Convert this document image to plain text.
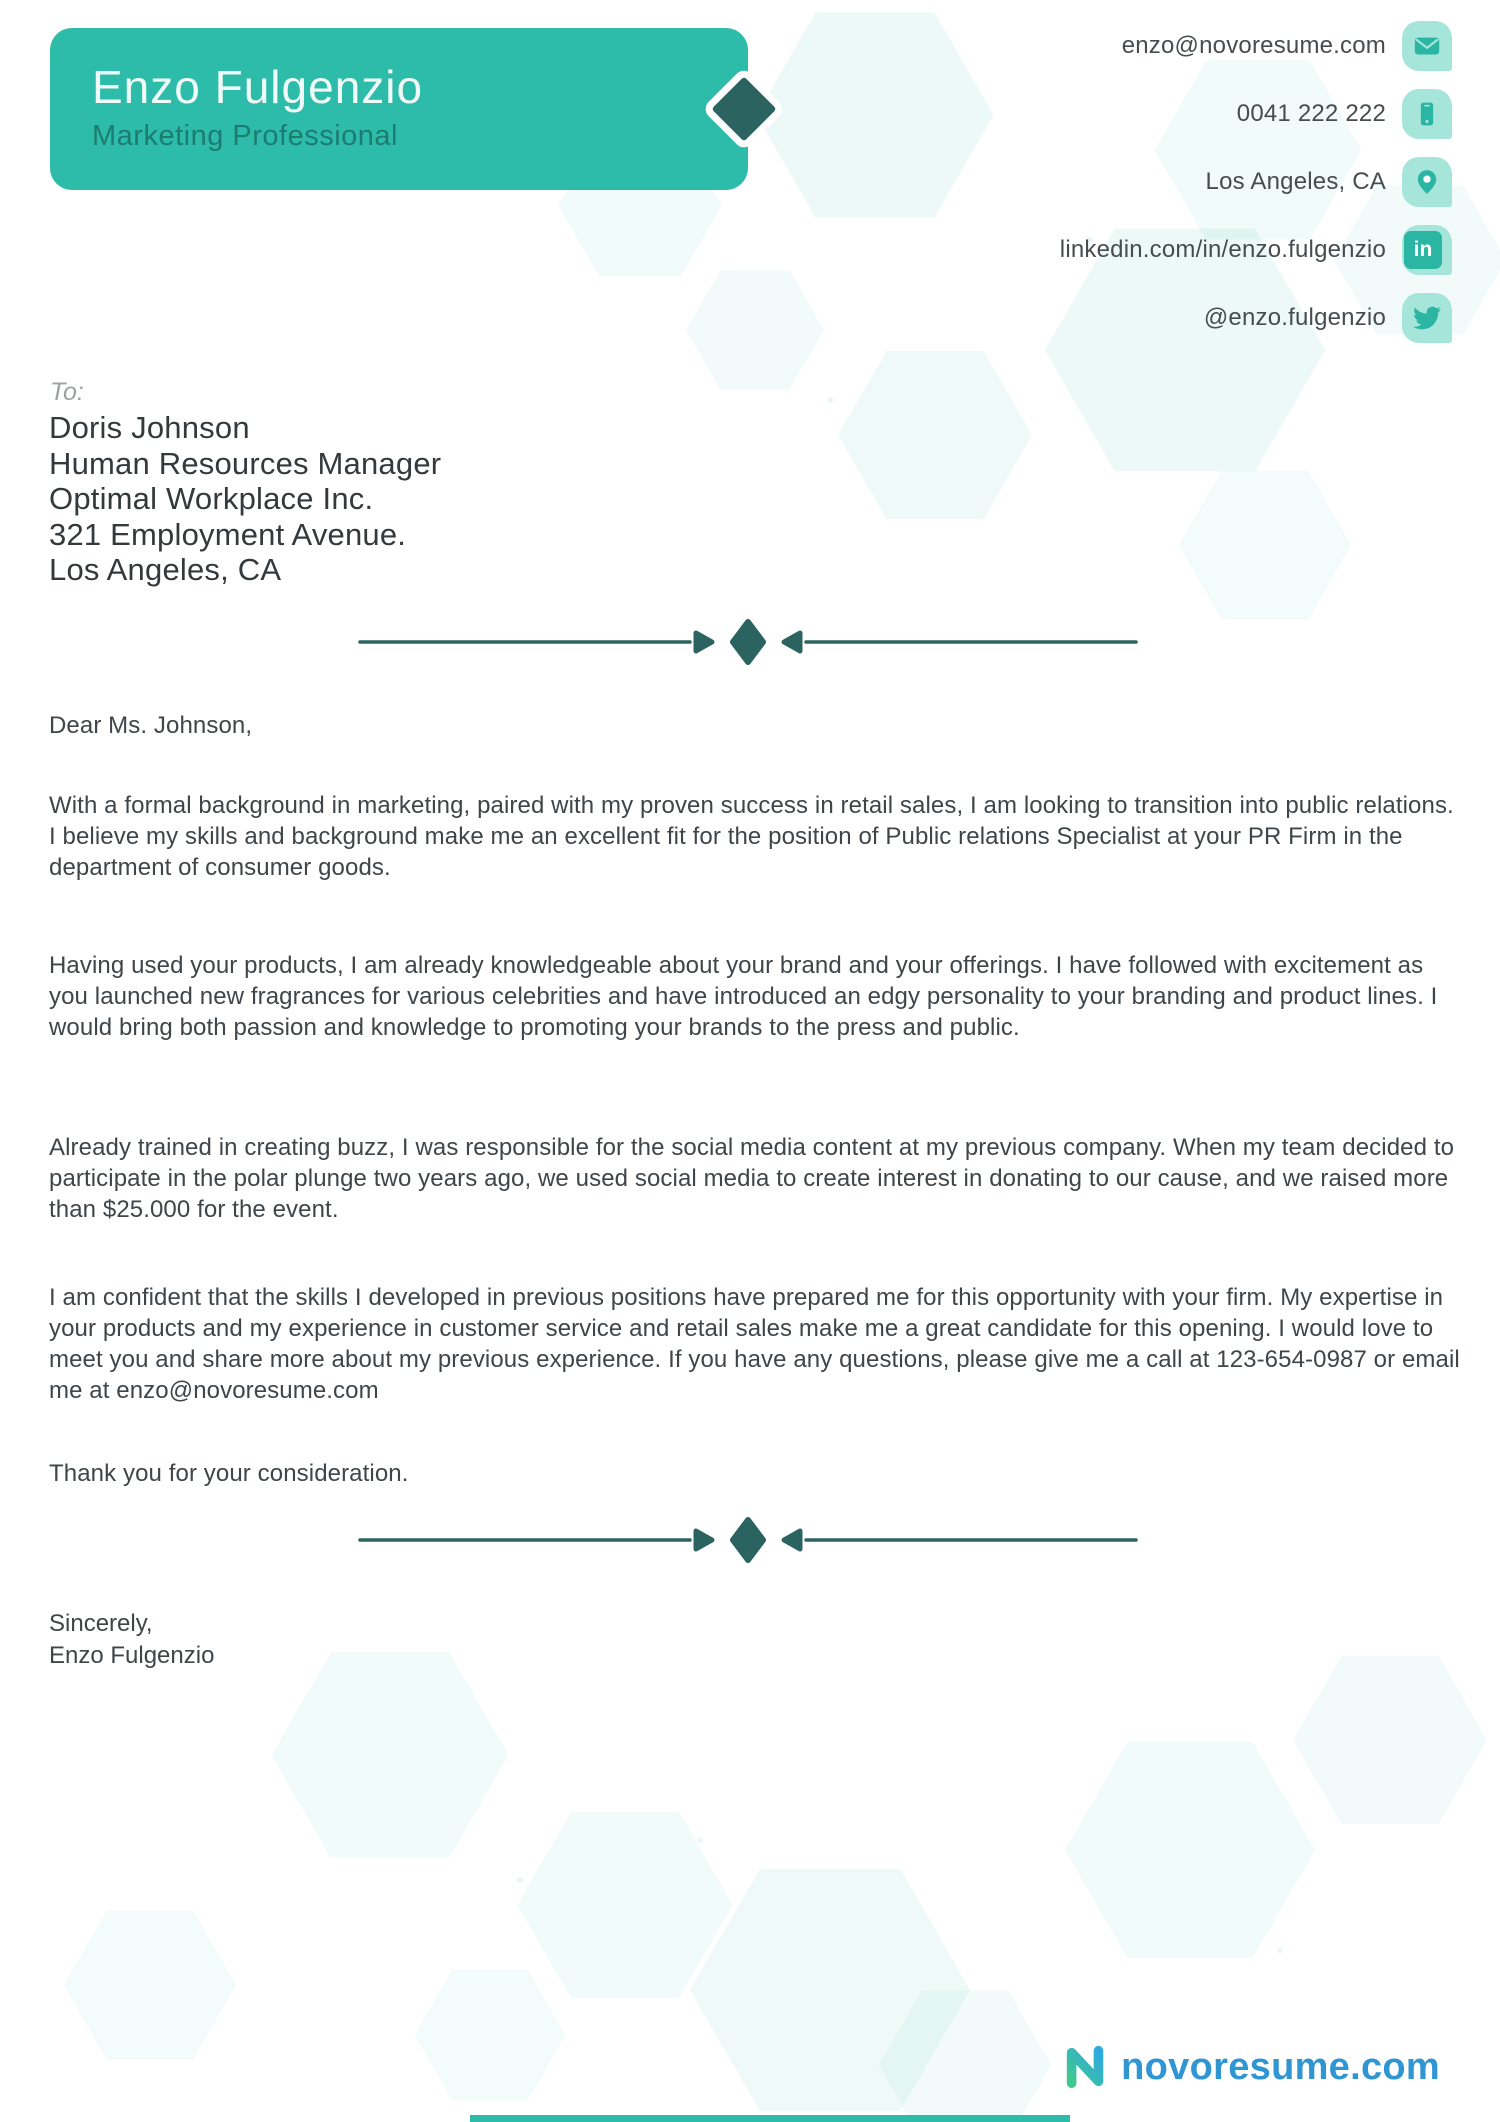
Enzo Fulgenzio
Marketing Professional
enzo@novoresume.com
0041 222 222
Los Angeles, CA
linkedin.com/in/enzo.fulgenzio	in
@enzo.fulgenzio
To:
Doris Johnson
Human Resources Manager
Optimal Workplace Inc.
321 Employment Avenue.
Los Angeles, CA

Dear Ms. Johnson,

With a formal background in marketing, paired with my proven success in retail sales, I am looking to transition into public relations. I believe my skills and background make me an excellent fit for the position of Public relations Specialist at your PR Firm in the department of consumer goods.

Having used your products, I am already knowledgeable about your brand and your offerings. I have followed with excitement as you launched new fragrances for various celebrities and have introduced an edgy personality to your branding and product lines. I would bring both passion and knowledge to promoting your brands to the press and public.

Already trained in creating buzz, I was responsible for the social media content at my previous company. When my team decided to participate in the polar plunge two years ago, we used social media to create interest in donating to our cause, and we raised more than $25.000 for the event.

I am confident that the skills I developed in previous positions have prepared me for this opportunity with your firm. My expertise in your products and my experience in customer service and retail sales make me a great candidate for this opening. I would love to meet you and share more about my previous experience. If you have any questions, please give me a call at 123-654-0987 or email me at enzo@novoresume.com

Thank you for your consideration.

Sincerely,
Enzo Fulgenzio
novoresume.com
